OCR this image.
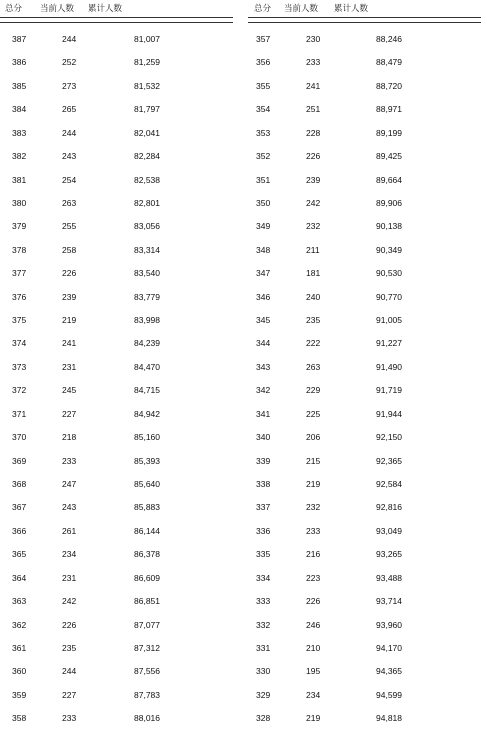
总分 当前人数 累计人数
387	244	81,007
386	252	81,259
385	273	81,532
384	265	81,797
383	244	82,041
382	243	82,284
381	254	82,538
380	263	82,801
379	255	83,056
378	258	83,314
377	226	83,540
376	239	83,779
375	219	83,998
374	241	84,239
373	231	84,470
372	245	84,715
371	227	84,942
370	218	85,160
369	233	85,393
368	247	85,640
367	243	85,883
366	261	86,144
365	234	86,378
364	231	86,609
363	242	86,851
362	226	87,077
361	235	87,312
360	244	87,556
359	227	87,783
358	233	88,016
总分 当前人数 累计人数
357	230	88,246
356	233	88,479
355	241	88,720
354	251	88,971
353	228	89,199
352	226	89,425
351	239	89,664
350	242	89,906
349	232	90,138
348	211	90,349
347	181	90,530
346	240	90,770
345	235	91,005
344	222	91,227
343	263	91,490
342	229	91,719
341	225	91,944
340	206	92,150
339	215	92,365
338	219	92,584
337	232	92,816
336	233	93,049
335	216	93,265
334	223	93,488
333	226	93,714
332	246	93,960
331	210	94,170
330	195	94,365
329	234	94,599
328	219	94,818
